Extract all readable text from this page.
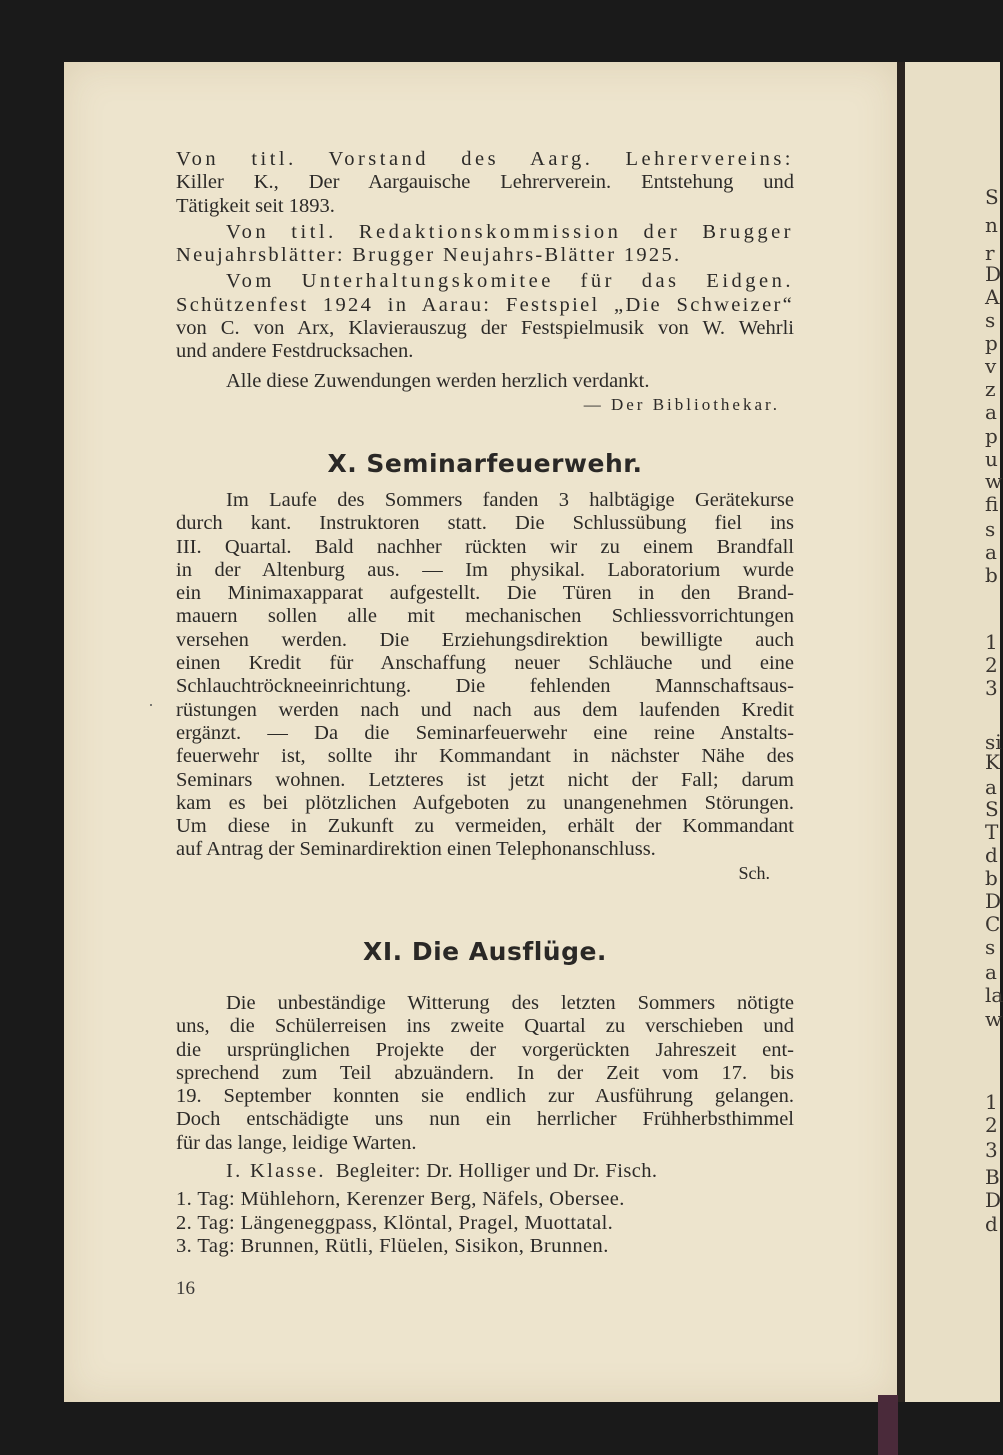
S
n
r
D
A
s
p
v
z
a
p
u
w
fi
s
a
b
1
2
3
si
K
a
S
T
d
b
D
C
s
a
la
w
1
2
3
B
D
d

Von titl. Vorstand des Aarg. Lehrervereins:

Killer K., Der Aargauische Lehrerverein. Entstehung und

Tätigkeit seit 1893.

Von titl. Redaktionskommission der Brugger

Neujahrsblätter: Brugger Neujahrs-Blätter 1925.

Vom Unterhaltungskomitee für das Eidgen.

Schützenfest 1924 in Aarau: Festspiel „Die Schweizer“

von C. von Arx, Klavierauszug der Festspielmusik von W. Wehrli

und andere Festdrucksachen.

Alle diese Zuwendungen werden herzlich verdankt.

— Der Bibliothekar.

X. Seminarfeuerwehr.

Im Laufe des Sommers fanden 3 halbtägige Gerätekurse

durch kant. Instruktoren statt. Die Schlussübung fiel ins

III. Quartal. Bald nachher rückten wir zu einem Brandfall

in der Altenburg aus. — Im physikal. Laboratorium wurde

ein Minimaxapparat aufgestellt. Die Türen in den Brand-

mauern sollen alle mit mechanischen Schliessvorrichtungen

versehen werden. Die Erziehungsdirektion bewilligte auch

einen Kredit für Anschaffung neuer Schläuche und eine

Schlauchtröckneeinrichtung. Die fehlenden Mannschaftsaus-

rüstungen werden nach und nach aus dem laufenden Kredit

ergänzt. — Da die Seminarfeuerwehr eine reine Anstalts-

feuerwehr ist, sollte ihr Kommandant in nächster Nähe des

Seminars wohnen. Letzteres ist jetzt nicht der Fall; darum

kam es bei plötzlichen Aufgeboten zu unangenehmen Störungen.

Um diese in Zukunft zu vermeiden, erhält der Kommandant

auf Antrag der Seminardirektion einen Telephonanschluss.

Sch.

XI. Die Ausflüge.

Die unbeständige Witterung des letzten Sommers nötigte

uns, die Schülerreisen ins zweite Quartal zu verschieben und

die ursprünglichen Projekte der vorgerückten Jahreszeit ent-

sprechend zum Teil abzuändern. In der Zeit vom 17. bis

19. September konnten sie endlich zur Ausführung gelangen.

Doch entschädigte uns nun ein herrlicher Frühherbsthimmel

für das lange, leidige Warten.

I. Klasse. Begleiter: Dr. Holliger und Dr. Fisch.

1. Tag: Mühlehorn, Kerenzer Berg, Näfels, Obersee.

2. Tag: Längeneggpass, Klöntal, Pragel, Muottatal.

3. Tag: Brunnen, Rütli, Flüelen, Sisikon, Brunnen.

16
